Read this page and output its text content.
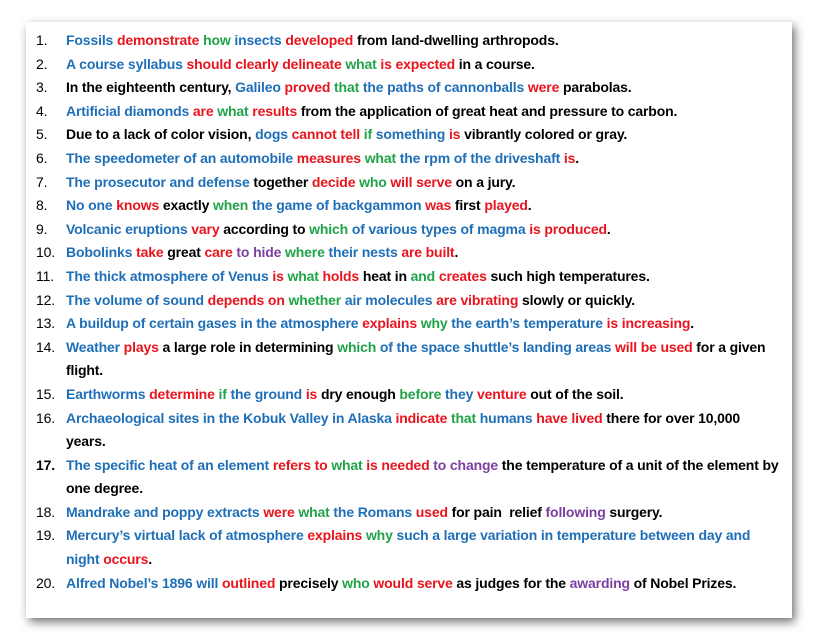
1.	Fossils demonstrate how insects developed from land-dwelling arthropods.
2.	A course syllabus should clearly delineate what is expected in a course.
3.	In the eighteenth century, Galileo proved that the paths of cannonballs were parabolas.
4.	Artificial diamonds are what results from the application of great heat and pressure to carbon.
5.	Due to a lack of color vision, dogs cannot tell if something is vibrantly colored or gray.
6.	The speedometer of an automobile measures what the rpm of the driveshaft is.
7.	The prosecutor and defense together decide who will serve on a jury.
8.	No one knows exactly when the game of backgammon was first played.
9.	Volcanic eruptions vary according to which of various types of magma is produced.
10. Bobolinks take great care to hide where their nests are built.
11. The thick atmosphere of Venus is what holds heat in and creates such high temperatures.
12. The volume of sound depends on whether air molecules are vibrating slowly or quickly.
13. A buildup of certain gases in the atmosphere explains why the earth’s temperature is increasing.
14. Weather plays a large role in determining which of the space shuttle’s landing areas will be used for a given flight.
15. Earthworms determine if the ground is dry enough before they venture out of the soil.
16. Archaeological sites in the Kobuk Valley in Alaska indicate that humans have lived there for over 10,000 years.
17. The specific heat of an element refers to what is needed to change the temperature of a unit of the element by one degree.
18. Mandrake and poppy extracts were what the Romans used for pain  relief following surgery.
19. Mercury’s virtual lack of atmosphere explains why such a large variation in temperature between day and night occurs.
20. Alfred Nobel’s 1896 will outlined precisely who would serve as judges for the awarding of Nobel Prizes.
